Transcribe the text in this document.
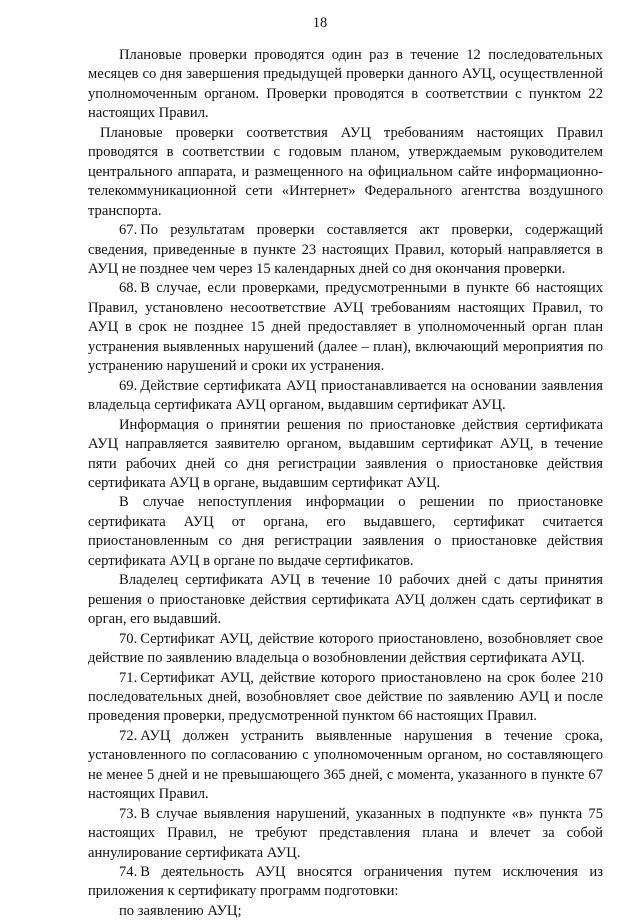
18

Плановые проверки проводятся один раз в течение 12 последовательных месяцев со дня завершения предыдущей проверки данного АУЦ, осуществленной уполномоченным органом. Проверки проводятся в соответствии с пунктом 22 настоящих Правил.

Плановые проверки соответствия АУЦ требованиям настоящих Правил проводятся в соответствии с годовым планом, утверждаемым руководителем центрального аппарата, и размещенного на официальном сайте информационно-телекоммуникационной сети «Интернет» Федерального агентства воздушного транспорта.

67. По результатам проверки составляется акт проверки, содержащий сведения, приведенные в пункте 23 настоящих Правил, который направляется в АУЦ не позднее чем через 15 календарных дней со дня окончания проверки.

68. В случае, если проверками, предусмотренными в пункте 66 настоящих Правил, установлено несоответствие АУЦ требованиям настоящих Правил, то АУЦ в срок не позднее 15 дней предоставляет в уполномоченный орган план устранения выявленных нарушений (далее – план), включающий мероприятия по устранению нарушений и сроки их устранения.

69. Действие сертификата АУЦ приостанавливается на основании заявления владельца сертификата АУЦ органом, выдавшим сертификат АУЦ.

Информация о принятии решения по приостановке действия сертификата АУЦ направляется заявителю органом, выдавшим сертификат АУЦ, в течение пяти рабочих дней со дня регистрации заявления о приостановке действия сертификата АУЦ в органе, выдавшим сертификат АУЦ.

В случае непоступления информации о решении по приостановке сертификата АУЦ от органа, его выдавшего, сертификат считается приостановленным со дня регистрации заявления о приостановке действия сертификата АУЦ в органе по выдаче сертификатов.

Владелец сертификата АУЦ в течение 10 рабочих дней с даты принятия решения о приостановке действия сертификата АУЦ должен сдать сертификат в орган, его выдавший.

70. Сертификат АУЦ, действие которого приостановлено, возобновляет свое действие по заявлению владельца о возобновлении действия сертификата АУЦ.

71. Сертификат АУЦ, действие которого приостановлено на срок более 210 последовательных дней, возобновляет свое действие по заявлению АУЦ и после проведения проверки, предусмотренной пунктом 66 настоящих Правил.

72. АУЦ должен устранить выявленные нарушения в течение срока, установленного по согласованию с уполномоченным органом, но составляющего не менее 5 дней и не превышающего 365 дней, с момента, указанного в пункте 67 настоящих Правил.

73. В случае выявления нарушений, указанных в подпункте «в» пункта 75 настоящих Правил, не требуют представления плана и влечет за собой аннулирование сертификата АУЦ.

74. В деятельность АУЦ вносятся ограничения путем исключения из приложения к сертификату программ подготовки:

по заявлению АУЦ;
